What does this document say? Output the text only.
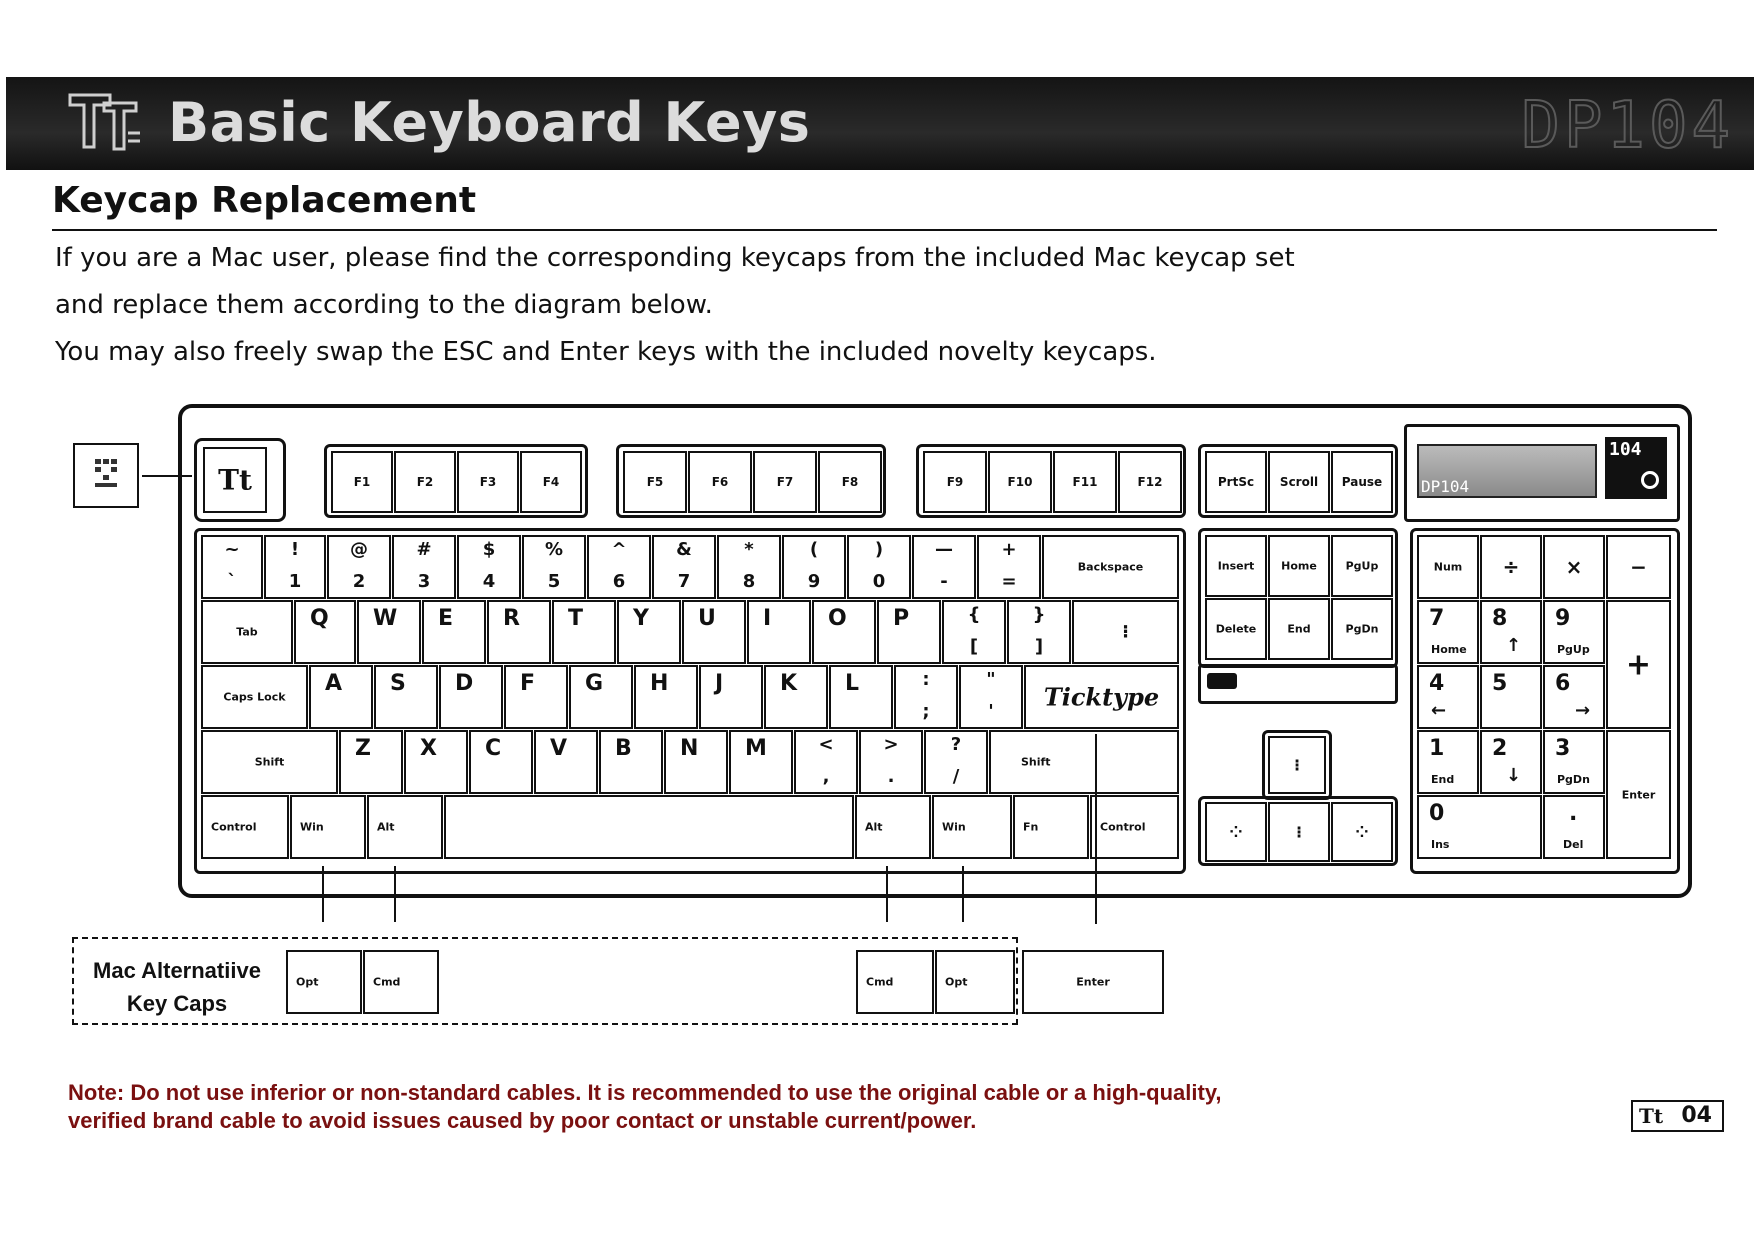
Basic Keyboard Keys	DP104
Keycap Replacement
If you are a Mac user, please find the corresponding keycaps from the included Mac keycap set
and replace them according to the diagram below.
You may also freely swap the ESC and Enter keys with the included novelty keycaps.
Tt	F1	F2	F3	F4	F5	F6	F7	F8	F9	F10	F11	F12	PrtSc	Scroll	Pause
~
`
!
1
@
2
#
3
$
4
%
5
^
6
&
7
*
8
(
9
)
0
—
-
+
=
Backspace
Tab
Q W E R T Y U I	O P	{
[
}
]
⁝
Caps Lock
A S D F G H J	K L	:
;
"
'	Ticktype
Shift
Z X C V B N M	<
,
>
.
?
/
Shift
Control	Win	Alt	Alt	Win	Fn	Control
Insert	Home	PgUp
Delete	End	PgDn
⁝
⁘	⁝	⁘
Num	÷	×	−
7
Home
8
↑
9
PgUp	+
4
←
5 6
→
1
End
2
↓
3
PgDn
Enter
0
Ins
.
Del
DP104
104
Mac Alternatiive
Key Caps
Opt	Cmd	Cmd	Opt	Enter
Note: Do not use inferior or non-standard cables. It is recommended to use the original cable or a high-quality,
verified brand cable to avoid issues caused by poor contact or unstable current/power.	Tt 04
